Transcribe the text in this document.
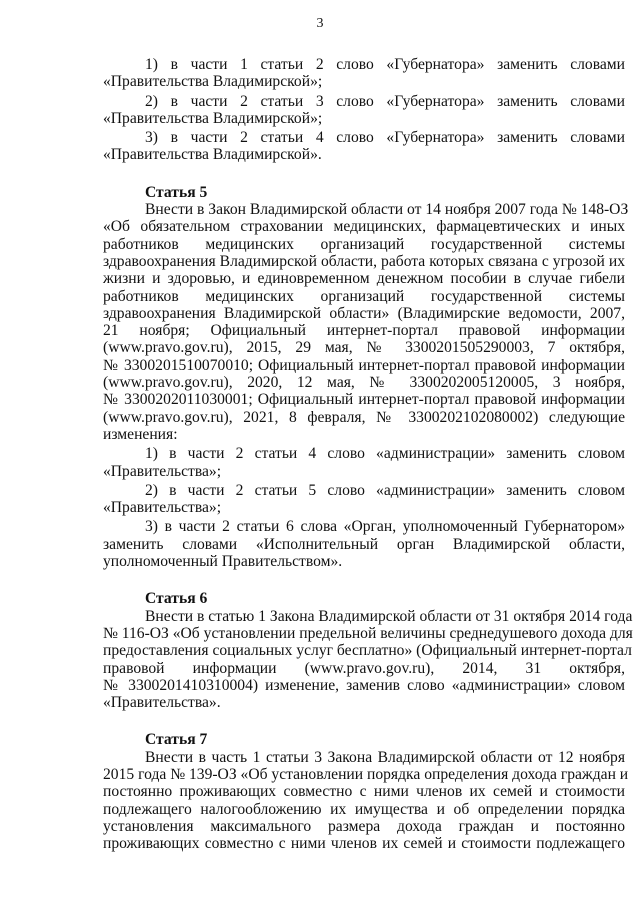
3
1) в части 1 статьи 2 слово «Губернатора» заменить словами
«Правительства Владимирской»;
2) в части 2 статьи 3 слово «Губернатора» заменить словами
«Правительства Владимирской»;
3) в части 2 статьи 4 слово «Губернатора» заменить словами
«Правительства Владимирской».
Статья 5
Внести в Закон Владимирской области от 14 ноября 2007 года № 148-ОЗ
«Об обязательном страховании медицинских, фармацевтических и иных
работников медицинских организаций государственной системы
здравоохранения Владимирской области, работа которых связана с угрозой их
жизни и здоровью, и единовременном денежном пособии в случае гибели
работников медицинских организаций государственной системы
здравоохранения Владимирской области» (Владимирские ведомости, 2007,
21 ноября; Официальный интернет-портал правовой информации
(www.pravo.gov.ru), 2015, 29 мая, № 3300201505290003, 7 октября,
№ 3300201510070010; Официальный интернет-портал правовой информации
(www.pravo.gov.ru), 2020, 12 мая, № 3300202005120005, 3 ноября,
№ 3300202011030001; Официальный интернет-портал правовой информации
(www.pravo.gov.ru), 2021, 8 февраля, № 3300202102080002) следующие
изменения:
1) в части 2 статьи 4 слово «администрации» заменить словом
«Правительства»;
2) в части 2 статьи 5 слово «администрации» заменить словом
«Правительства»;
3) в части 2 статьи 6 слова «Орган, уполномоченный Губернатором»
заменить словами «Исполнительный орган Владимирской области,
уполномоченный Правительством».
Статья 6
Внести в статью 1 Закона Владимирской области от 31 октября 2014 года
№ 116-ОЗ «Об установлении предельной величины среднедушевого дохода для
предоставления социальных услуг бесплатно» (Официальный интернет-портал
правовой информации (www.pravo.gov.ru), 2014, 31 октября,
№ 3300201410310004) изменение, заменив слово «администрации» словом
«Правительства».
Статья 7
Внести в часть 1 статьи 3 Закона Владимирской области от 12 ноября
2015 года № 139-ОЗ «Об установлении порядка определения дохода граждан и
постоянно проживающих совместно с ними членов их семей и стоимости
подлежащего налогообложению их имущества и об определении порядка
установления максимального размера дохода граждан и постоянно
проживающих совместно с ними членов их семей и стоимости подлежащего
